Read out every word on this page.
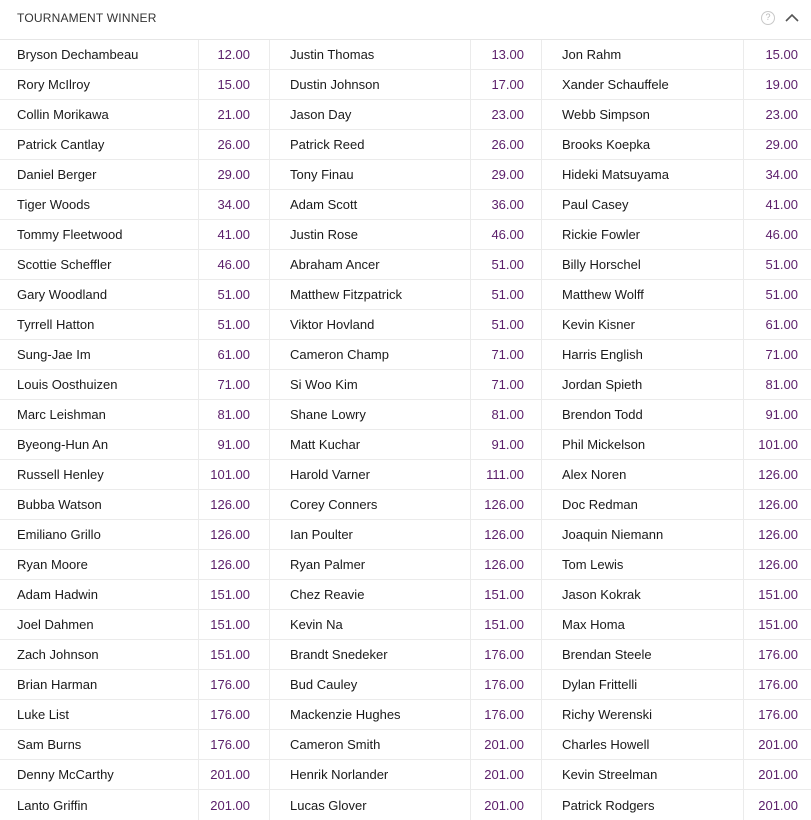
TOURNAMENT WINNER	?
Bryson Dechambeau	12.00	Justin Thomas	13.00	Jon Rahm	15.00
Rory McIlroy	15.00	Dustin Johnson	17.00	Xander Schauffele	19.00
Collin Morikawa	21.00	Jason Day	23.00	Webb Simpson	23.00
Patrick Cantlay	26.00	Patrick Reed	26.00	Brooks Koepka	29.00
Daniel Berger	29.00	Tony Finau	29.00	Hideki Matsuyama	34.00
Tiger Woods	34.00	Adam Scott	36.00	Paul Casey	41.00
Tommy Fleetwood	41.00	Justin Rose	46.00	Rickie Fowler	46.00
Scottie Scheffler	46.00	Abraham Ancer	51.00	Billy Horschel	51.00
Gary Woodland	51.00	Matthew Fitzpatrick	51.00	Matthew Wolff	51.00
Tyrrell Hatton	51.00	Viktor Hovland	51.00	Kevin Kisner	61.00
Sung-Jae Im	61.00	Cameron Champ	71.00	Harris English	71.00
Louis Oosthuizen	71.00	Si Woo Kim	71.00	Jordan Spieth	81.00
Marc Leishman	81.00	Shane Lowry	81.00	Brendon Todd	91.00
Byeong-Hun An	91.00	Matt Kuchar	91.00	Phil Mickelson	101.00
Russell Henley	101.00	Harold Varner	111.00	Alex Noren	126.00
Bubba Watson	126.00	Corey Conners	126.00	Doc Redman	126.00
Emiliano Grillo	126.00	Ian Poulter	126.00	Joaquin Niemann	126.00
Ryan Moore	126.00	Ryan Palmer	126.00	Tom Lewis	126.00
Adam Hadwin	151.00	Chez Reavie	151.00	Jason Kokrak	151.00
Joel Dahmen	151.00	Kevin Na	151.00	Max Homa	151.00
Zach Johnson	151.00	Brandt Snedeker	176.00	Brendan Steele	176.00
Brian Harman	176.00	Bud Cauley	176.00	Dylan Frittelli	176.00
Luke List	176.00	Mackenzie Hughes	176.00	Richy Werenski	176.00
Sam Burns	176.00	Cameron Smith	201.00	Charles Howell	201.00
Denny McCarthy	201.00	Henrik Norlander	201.00	Kevin Streelman	201.00
Lanto Griffin	201.00	Lucas Glover	201.00	Patrick Rodgers	201.00
